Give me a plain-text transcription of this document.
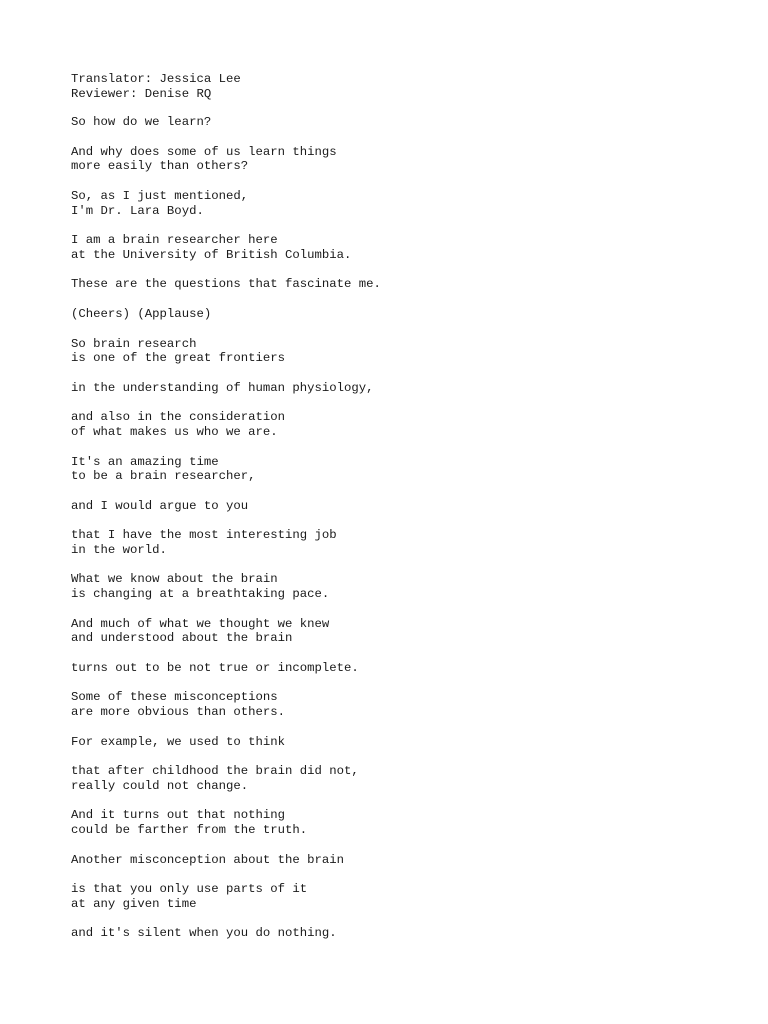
Translator: Jessica Lee
Reviewer: Denise RQ
So how do we learn?
And why does some of us learn things
more easily than others?
So, as I just mentioned,
I'm Dr. Lara Boyd.
I am a brain researcher here
at the University of British Columbia.
These are the questions that fascinate me.
(Cheers) (Applause)
So brain research
is one of the great frontiers
in the understanding of human physiology,
and also in the consideration
of what makes us who we are.
It's an amazing time
to be a brain researcher,
and I would argue to you
that I have the most interesting job
in the world.
What we know about the brain
is changing at a breathtaking pace.
And much of what we thought we knew
and understood about the brain
turns out to be not true or incomplete.
Some of these misconceptions
are more obvious than others.
For example, we used to think
that after childhood the brain did not,
really could not change.
And it turns out that nothing
could be farther from the truth.
Another misconception about the brain
is that you only use parts of it
at any given time
and it's silent when you do nothing.
